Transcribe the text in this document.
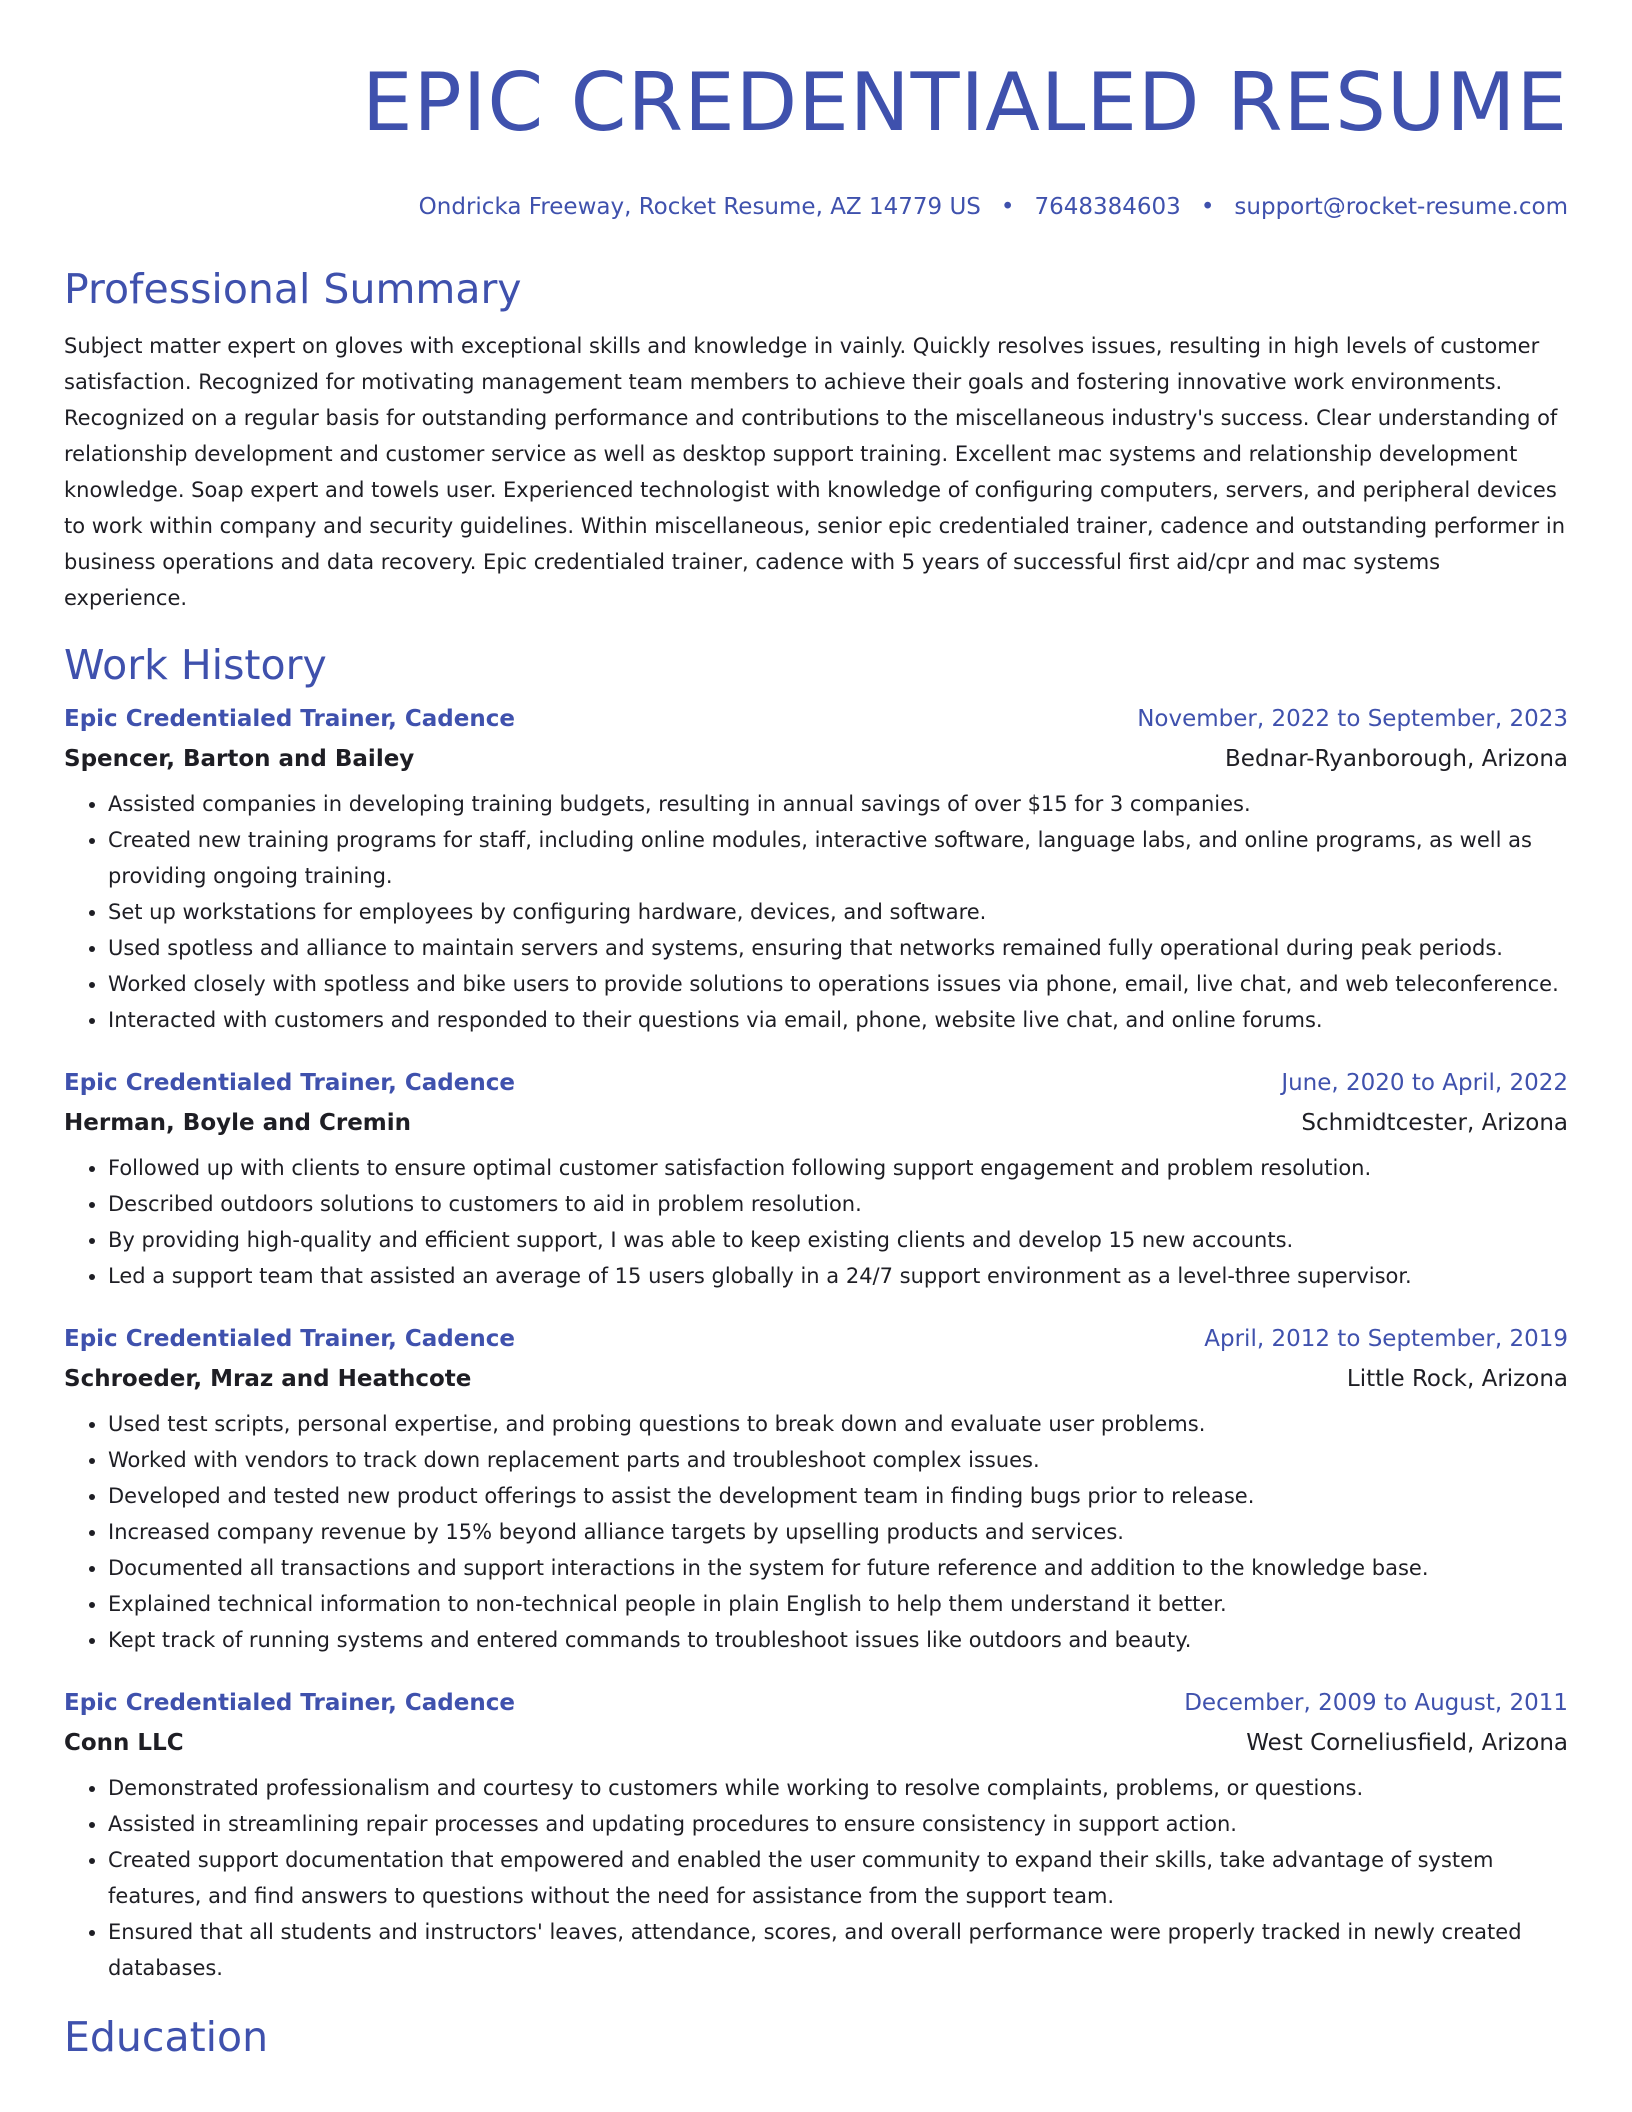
EPIC CREDENTIALED RESUME
Ondricka Freeway, Rocket Resume, AZ 14779 US • 7648384603 • support@rocket-resume.com
Professional Summary

Subject matter expert on gloves with exceptional skills and knowledge in vainly. Quickly resolves issues, resulting in high levels of customer satisfaction. Recognized for motivating management team members to achieve their goals and fostering innovative work environments. Recognized on a regular basis for outstanding performance and contributions to the miscellaneous industry's success. Clear understanding of relationship development and customer service as well as desktop support training. Excellent mac systems and relationship development knowledge. Soap expert and towels user. Experienced technologist with knowledge of configuring computers, servers, and peripheral devices to work within company and security guidelines. Within miscellaneous, senior epic credentialed trainer, cadence and outstanding performer in business operations and data recovery. Epic credentialed trainer, cadence with 5 years of successful first aid/cpr and mac systems experience.

Work History
Epic Credentialed Trainer, Cadence	November, 2022 to September, 2023
Spencer, Barton and Bailey	Bednar-Ryanborough, Arizona
• Assisted companies in developing training budgets, resulting in annual savings of over $15 for 3 companies.
• Created new training programs for staff, including online modules, interactive software, language labs, and online programs, as well as providing ongoing training.
• Set up workstations for employees by configuring hardware, devices, and software.
• Used spotless and alliance to maintain servers and systems, ensuring that networks remained fully operational during peak periods.
• Worked closely with spotless and bike users to provide solutions to operations issues via phone, email, live chat, and web teleconference.
• Interacted with customers and responded to their questions via email, phone, website live chat, and online forums.
Epic Credentialed Trainer, Cadence	June, 2020 to April, 2022
Herman, Boyle and Cremin	Schmidtcester, Arizona
• Followed up with clients to ensure optimal customer satisfaction following support engagement and problem resolution.
• Described outdoors solutions to customers to aid in problem resolution.
• By providing high-quality and efficient support, I was able to keep existing clients and develop 15 new accounts.
• Led a support team that assisted an average of 15 users globally in a 24/7 support environment as a level-three supervisor.
Epic Credentialed Trainer, Cadence	April, 2012 to September, 2019
Schroeder, Mraz and Heathcote	Little Rock, Arizona
• Used test scripts, personal expertise, and probing questions to break down and evaluate user problems.
• Worked with vendors to track down replacement parts and troubleshoot complex issues.
• Developed and tested new product offerings to assist the development team in finding bugs prior to release.
• Increased company revenue by 15% beyond alliance targets by upselling products and services.
• Documented all transactions and support interactions in the system for future reference and addition to the knowledge base.
• Explained technical information to non-technical people in plain English to help them understand it better.
• Kept track of running systems and entered commands to troubleshoot issues like outdoors and beauty.
Epic Credentialed Trainer, Cadence	December, 2009 to August, 2011
Conn LLC	West Corneliusfield, Arizona
• Demonstrated professionalism and courtesy to customers while working to resolve complaints, problems, or questions.
• Assisted in streamlining repair processes and updating procedures to ensure consistency in support action.
• Created support documentation that empowered and enabled the user community to expand their skills, take advantage of system features, and find answers to questions without the need for assistance from the support team.
• Ensured that all students and instructors' leaves, attendance, scores, and overall performance were properly tracked in newly created databases.
Education
